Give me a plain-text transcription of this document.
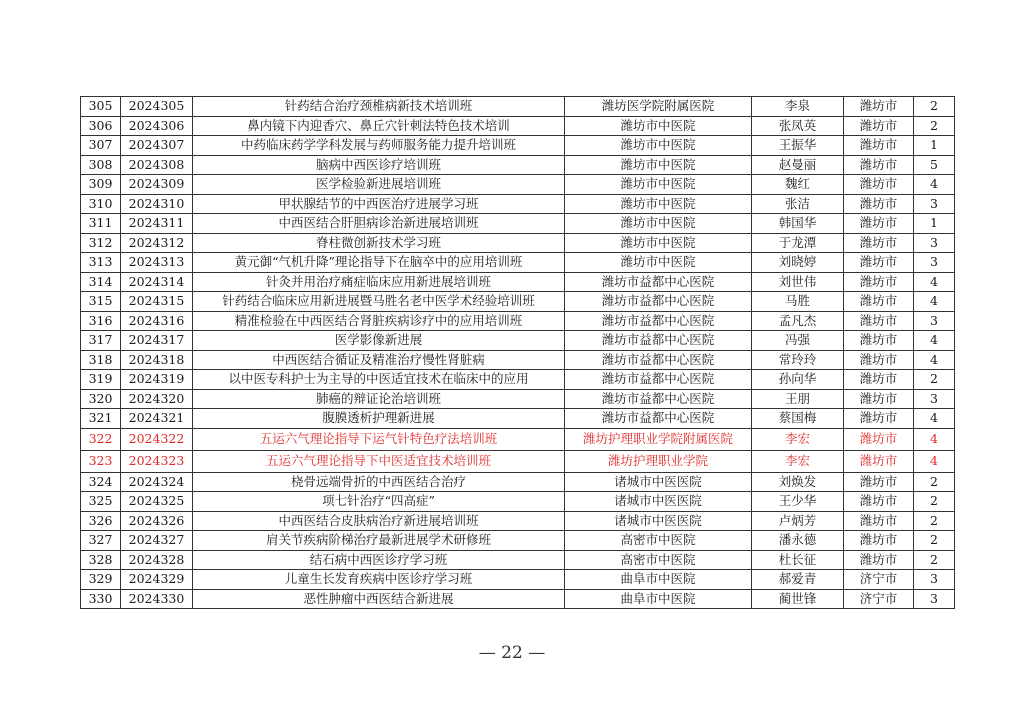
305	2024305	针药结合治疗颈椎病新技术培训班	潍坊医学院附属医院	李泉	潍坊市	2
306	2024306	鼻内镜下内迎香穴、鼻丘穴针刺法特色技术培训	潍坊市中医院	张凤英	潍坊市	2
307	2024307	中药临床药学学科发展与药师服务能力提升培训班	潍坊市中医院	王振华	潍坊市	1
308	2024308	脑病中西医诊疗培训班	潍坊市中医院	赵曼丽	潍坊市	5
309	2024309	医学检验新进展培训班	潍坊市中医院	魏红	潍坊市	4
310	2024310	甲状腺结节的中西医治疗进展学习班	潍坊市中医院	张洁	潍坊市	3
311	2024311	中西医结合肝胆病诊治新进展培训班	潍坊市中医院	韩国华	潍坊市	1
312	2024312	脊柱微创新技术学习班	潍坊市中医院	于龙潭	潍坊市	3
313	2024313	黄元御“气机升降”理论指导下在脑卒中的应用培训班	潍坊市中医院	刘晓婷	潍坊市	3
314	2024314	针灸并用治疗痛症临床应用新进展培训班	潍坊市益都中心医院	刘世伟	潍坊市	4
315	2024315	针药结合临床应用新进展暨马胜名老中医学术经验培训班	潍坊市益都中心医院	马胜	潍坊市	4
316	2024316	精准检验在中西医结合肾脏疾病诊疗中的应用培训班	潍坊市益都中心医院	孟凡杰	潍坊市	3
317	2024317	医学影像新进展	潍坊市益都中心医院	冯强	潍坊市	4
318	2024318	中西医结合循证及精准治疗慢性肾脏病	潍坊市益都中心医院	常玲玲	潍坊市	4
319	2024319	以中医专科护士为主导的中医适宜技术在临床中的应用	潍坊市益都中心医院	孙向华	潍坊市	2
320	2024320	肺癌的辩证论治培训班	潍坊市益都中心医院	王朋	潍坊市	3
321	2024321	腹膜透析护理新进展	潍坊市益都中心医院	蔡国梅	潍坊市	4
322	2024322	五运六气理论指导下运气针特色疗法培训班	潍坊护理职业学院附属医院	李宏	潍坊市	4
323	2024323	五运六气理论指导下中医适宜技术培训班	潍坊护理职业学院	李宏	潍坊市	4
324	2024324	桡骨远端骨折的中西医结合治疗	诸城市中医医院	刘焕发	潍坊市	2
325	2024325	项七针治疗“四高症”	诸城市中医医院	王少华	潍坊市	2
326	2024326	中西医结合皮肤病治疗新进展培训班	诸城市中医医院	卢炳芳	潍坊市	2
327	2024327	肩关节疾病阶梯治疗最新进展学术研修班	高密市中医院	潘永德	潍坊市	2
328	2024328	结石病中西医诊疗学习班	高密市中医院	杜长征	潍坊市	2
329	2024329	儿童生长发育疾病中医诊疗学习班	曲阜市中医院	郝爱青	济宁市	3
330	2024330	恶性肿瘤中西医结合新进展	曲阜市中医院	蔺世锋	济宁市	3
— 22 —
